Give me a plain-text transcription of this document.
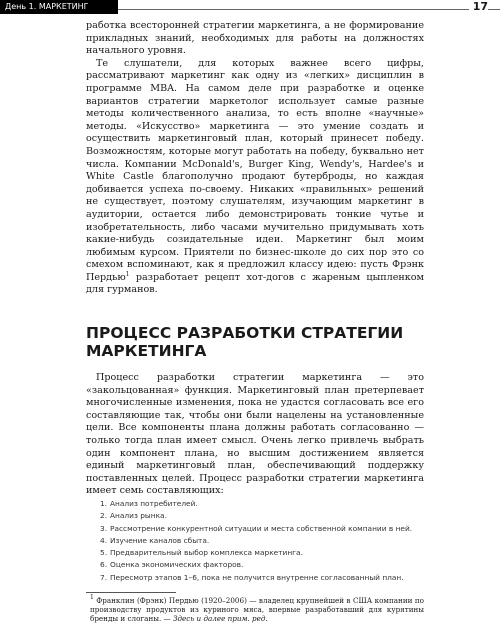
День 1. МАРКЕТИНГ	17

работка всесторонней стратегии маркетинга, а не формирование прикладных знаний, необходимых для работы на должностях начального уровня.

Те слушатели, для которых важнее всего цифры, рассматривают маркетинг как одну из «легких» дисциплин в программе MBA. На самом деле при разработке и оценке вариантов стратегии маркетолог использует самые разные методы количественного анализа, то есть вполне «научные» методы. «Искусство» маркетинга — это умение создать и осуществить маркетинговый план, который принесет победу. Возможностям, которые могут работать на победу, буквально нет числа. Компании McDonald's, Burger King, Wendy's, Hardee's и White Castle благополучно продают бутерброды, но каждая добивается успеха по-своему. Никаких «правильных» решений не существует, поэтому слушателям, изучающим маркетинг в аудитории, остается либо демонстрировать тонкие чутье и изобретательность, либо часами мучительно придумывать хоть какие-нибудь созидательные идеи. Маркетинг был моим любимым курсом. Приятели по бизнес-школе до сих пор это со смехом вспоминают, как я предложил классу идею: пусть Фрэнк Пердью$^1$ разработает рецепт хот-догов с жареным цыпленком для гурманов.

ПРОЦЕСС РАЗРАБОТКИ СТРАТЕГИИ МАРКЕТИНГА

Процесс разработки стратегии маркетинга — это «закольцованная» функция. Маркетинговый план претерпевает многочисленные изменения, пока не удастся согласовать все его составляющие так, чтобы они были нацелены на установленные цели. Все компоненты плана должны работать согласованно — только тогда план имеет смысл. Очень легко привлечь выбрать один компонент плана, но высшим достижением является единый маркетинговый план, обеспечивающий поддержку поставленных целей. Процесс разработки стратегии маркетинга имеет семь составляющих:

1. Анализ потребителей.
2. Анализ рынка.
3. Рассмотрение конкурентной ситуации и места собственной компании в ней.
4. Изучение каналов сбыта.
5. Предварительный выбор комплекса маркетинга.
6. Оценка экономических факторов.
7. Пересмотр этапов 1–6, пока не получится внутренне согласованный план.
$^1$ Франклин (Фрэнк) Пердью (1920–2006) — владелец крупнейшей в США компании по производству продуктов из куриного мяса, впервые разработавший для курятины бренды и слоганы. — Здесь и далее прим. ред.
